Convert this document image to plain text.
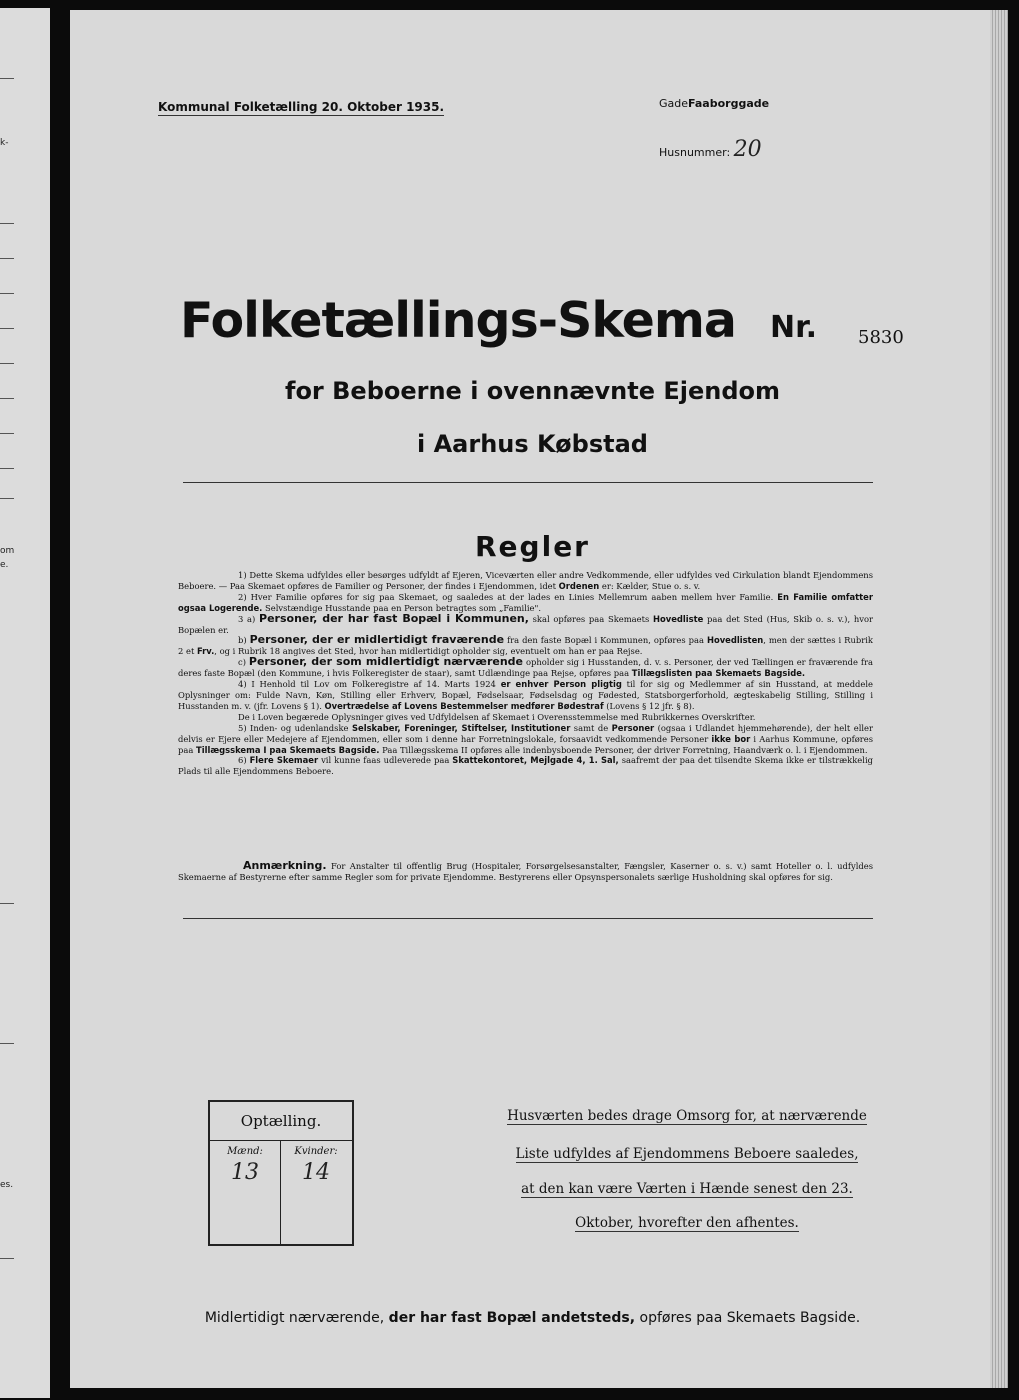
k-
om
e.
es.
Kommunal Folketælling 20. Oktober 1935.	GadeFaaborggade
Husnummer: 20
Folketællings-Skema Nr. 5830
for Beboerne i ovennævnte Ejendom
i Aarhus Købstad
Regler

1) Dette Skema udfyldes eller besørges udfyldt af Ejeren, Viceværten eller andre Vedkommende, eller udfyldes ved Cirkulation blandt Ejendommens Beboere. — Paa Skemaet opføres de Familier og Personer, der findes i Ejendommen, idet Ordenen er: Kælder, Stue o. s. v.

2) Hver Familie opføres for sig paa Skemaet, og saaledes at der lades en Linies Mellemrum aaben mellem hver Familie. En Familie omfatter ogsaa Logerende. Selvstændige Husstande paa en Person betragtes som „Familie".

3 a) Personer, der har fast Bopæl i Kommunen, skal opføres paa Skemaets Hovedliste paa det Sted (Hus, Skib o. s. v.), hvor Bopælen er.

b) Personer, der er midlertidigt fraværende fra den faste Bopæl i Kommunen, opføres paa Hovedlisten, men der sættes i Rubrik 2 et Frv., og i Rubrik 18 angives det Sted, hvor han midlertidigt opholder sig, eventuelt om han er paa Rejse.

c) Personer, der som midlertidigt nærværende opholder sig i Husstanden, d. v. s. Personer, der ved Tællingen er fraværende fra deres faste Bopæl (den Kommune, i hvis Folkeregister de staar), samt Udlændinge paa Rejse, opføres paa Tillægslisten paa Skemaets Bagside.

4) I Henhold til Lov om Folkeregistre af 14. Marts 1924 er enhver Person pligtig til for sig og Medlemmer af sin Husstand, at meddele Oplysninger om: Fulde Navn, Køn, Stilling eller Erhverv, Bopæl, Fødselsaar, Fødselsdag og Fødested, Statsborgerforhold, ægteskabelig Stilling, Stilling i Husstanden m. v. (jfr. Lovens § 1). Overtrædelse af Lovens Bestemmelser medfører Bødestraf (Lovens § 12 jfr. § 8).

De i Loven begærede Oplysninger gives ved Udfyldelsen af Skemaet i Overensstemmelse med Rubrikkernes Overskrifter.

5) Inden- og udenlandske Selskaber, Foreninger, Stiftelser, Institutioner samt de Personer (ogsaa i Udlandet hjemmehørende), der helt eller delvis er Ejere eller Medejere af Ejendommen, eller som i denne har Forretningslokale, forsaavidt vedkommende Personer ikke bor i Aarhus Kommune, opføres paa Tillægsskema I paa Skemaets Bagside. Paa Tillægsskema II opføres alle indenbysboende Personer, der driver Forretning, Haandværk o. l. i Ejendommen.

6) Flere Skemaer vil kunne faas udleverede paa Skattekontoret, Mejlgade 4, 1. Sal, saafremt der paa det tilsendte Skema ikke er tilstrækkelig Plads til alle Ejendommens Beboere.

Anmærkning. For Anstalter til offentlig Brug (Hospitaler, Forsørgelsesanstalter, Fængsler, Kaserner o. s. v.) samt Hoteller o. l. udfyldes Skemaerne af Bestyrerne efter samme Regler som for private Ejendomme. Bestyrerens eller Opsynspersonalets særlige Husholdning skal opføres for sig.
Optælling.
Mænd:	Kvinder:
13	14
Husværten bedes drage Omsorg for, at nærværende
Liste udfyldes af Ejendommens Beboere saaledes,
at den kan være Værten i Hænde senest den 23.
Oktober, hvorefter den afhentes.
Midlertidigt nærværende, der har fast Bopæl andetsteds, opføres paa Skemaets Bagside.
